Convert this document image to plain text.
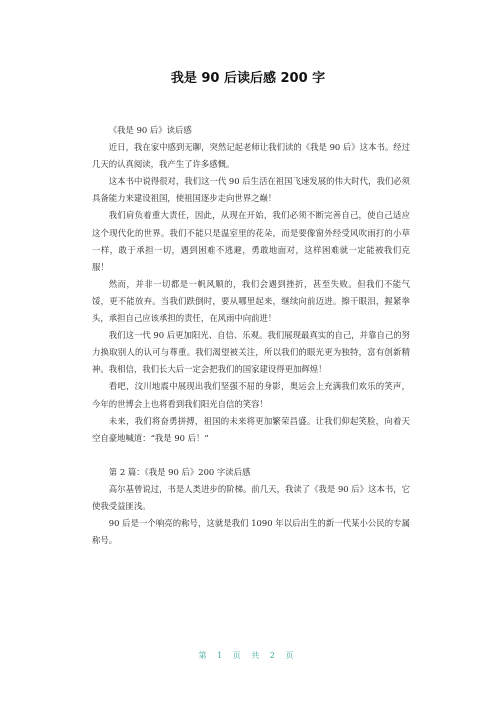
我是 90 后读后感 200 字

《我是 90 后》读后感

近日，我在家中感到无聊，突然记起老师让我们读的《我是 90 后》这本书。经过几天的认真阅读，我产生了许多感慨。

这本书中说得很对，我们这一代 90 后生活在祖国飞速发展的伟大时代，我们必须具备能力来建设祖国，使祖国逐步走向世界之巅！

我们肩负着重大责任，因此，从现在开始，我们必须不断完善自己，使自己适应这个现代化的世界。我们不能只是温室里的花朵，而是要像窗外经受风吹雨打的小草一样，敢于承担一切，遇到困难不逃避，勇敢地面对，这样困难就一定能被我们克服！

然而，并非一切都是一帆风顺的，我们会遇到挫折，甚至失败。但我们不能气馁，更不能放弃。当我们跌倒时，要从哪里起来，继续向前迈进。擦干眼泪，握紧拳头，承担自己应该承担的责任，在风雨中向前进！

我们这一代 90 后更加阳光、自信、乐观。我们展现最真实的自己，并靠自己的努力换取别人的认可与尊重。我们渴望被关注，所以我们的眼光更为独特，富有创新精神。我相信，我们长大后一定会把我们的国家建设得更加辉煌！

看吧，汶川地震中展现出我们坚强不屈的身影，奥运会上充满我们欢乐的笑声，今年的世博会上也将看到我们阳光自信的笑容！

未来，我们将奋勇拼搏，祖国的未来将更加繁荣昌盛。让我们仰起笑脸，向着天空自豪地喊道：“我是 90 后！”

第 2 篇：《我是 90 后》200 字读后感

高尔基曾说过，书是人类进步的阶梯。前几天，我读了《我是 90 后》这本书，它使我受益匪浅。

90 后是一个响亮的称号，这就是我们 1090 年以后出生的新一代某小公民的专属称号。

第 1 页 共 2 页
